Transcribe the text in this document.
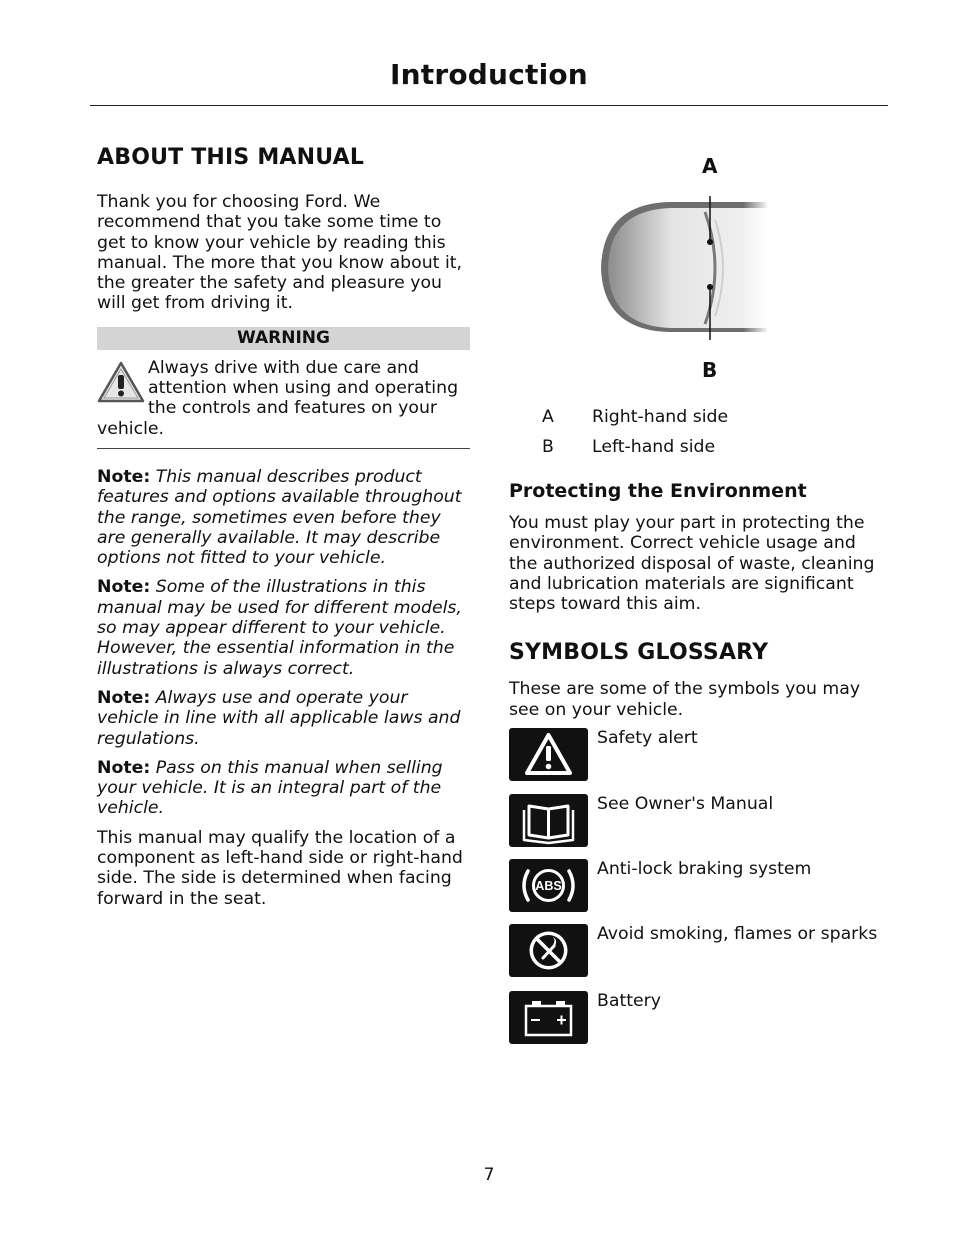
Introduction
ABOUT THIS MANUAL

Thank you for choosing Ford. We recommend that you take some time to get to know your vehicle by reading this manual. The more that you know about it, the greater the safety and pleasure you will get from driving it.

WARNING

Always drive with due care and attention when using and operating the controls and features on your vehicle.

Note: This manual describes product features and options available throughout the range, sometimes even before they are generally available. It may describe options not fitted to your vehicle.

Note: Some of the illustrations in this manual may be used for different models, so may appear different to your vehicle. However, the essential information in the illustrations is always correct.

Note: Always use and operate your vehicle in line with all applicable laws and regulations.

Note: Pass on this manual when selling your vehicle. It is an integral part of the vehicle.

This manual may qualify the location of a component as left-hand side or right-hand side. The side is determined when facing forward in the seat.

A
B
A Right-hand side
B Left-hand side
Protecting the Environment

You must play your part in protecting the environment. Correct vehicle usage and the authorized disposal of waste, cleaning and lubrication materials are significant steps toward this aim.

SYMBOLS GLOSSARY

These are some of the symbols you may see on your vehicle.

Safety alert
See Owner's Manual
ABS
Anti-lock braking system
Avoid smoking, flames or sparks
Battery
7
